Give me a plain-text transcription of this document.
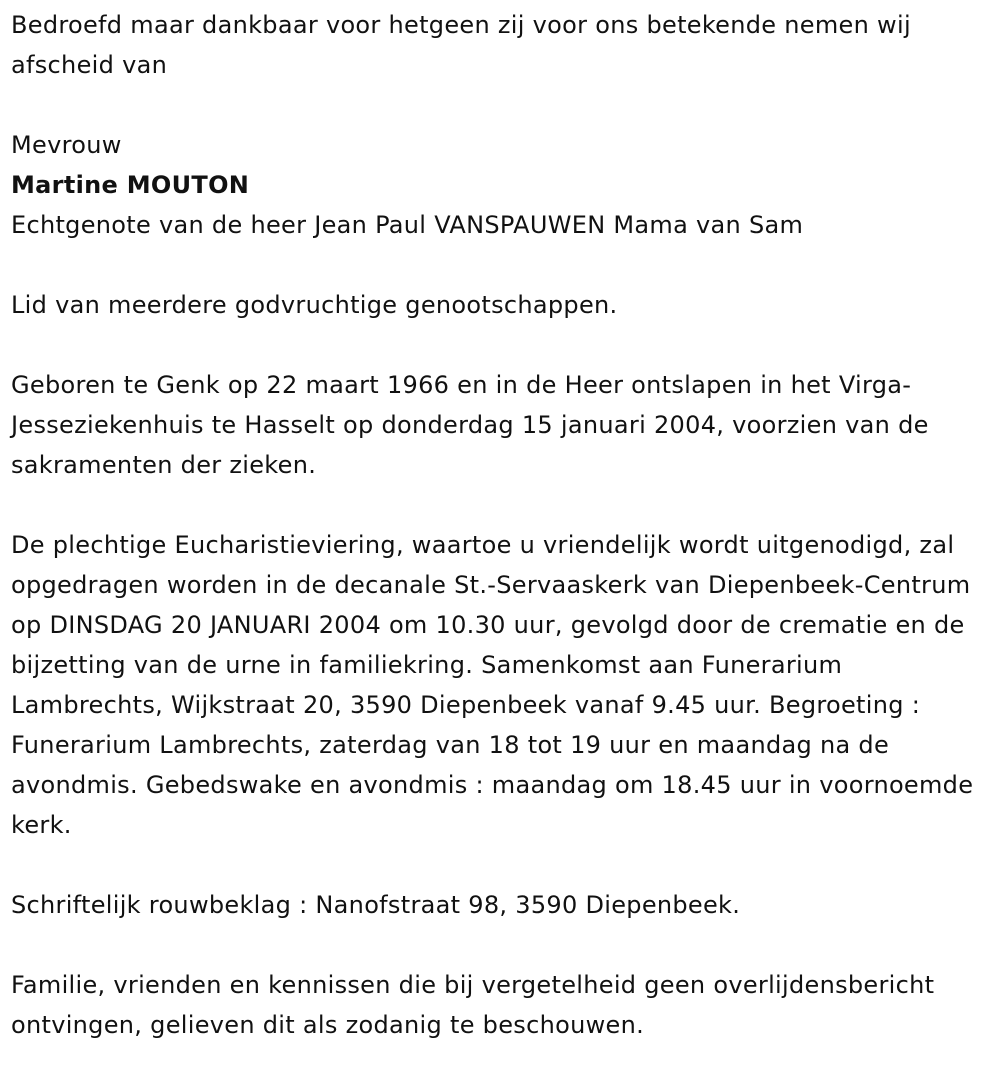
Bedroefd maar dankbaar voor hetgeen zij voor ons betekende nemen wij afscheid van

Mevrouw

Martine MOUTON

Echtgenote van de heer Jean Paul VANSPAUWEN Mama van Sam

Lid van meerdere godvruchtige genootschappen.

Geboren te Genk op 22 maart 1966 en in de Heer ontslapen in het Virga-Jesseziekenhuis te Hasselt op donderdag 15 januari 2004, voorzien van de sakramenten der zieken.

De plechtige Eucharistieviering, waartoe u vriendelijk wordt uitgenodigd, zal opgedragen worden in de decanale St.-Servaaskerk van Diepenbeek-Centrum op DINSDAG 20 JANUARI 2004 om 10.30 uur, gevolgd door de crematie en de bijzetting van de urne in familiekring. Samenkomst aan Funerarium Lambrechts, Wijkstraat 20, 3590 Diepenbeek vanaf 9.45 uur. Begroeting : Funerarium Lambrechts, zaterdag van 18 tot 19 uur en maandag na de avondmis. Gebedswake en avondmis : maandag om 18.45 uur in voornoemde kerk.

Schriftelijk rouwbeklag : Nanofstraat 98, 3590 Diepenbeek.

Familie, vrienden en kennissen die bij vergetelheid geen overlijdensbericht ontvingen, gelieven dit als zodanig te beschouwen.
